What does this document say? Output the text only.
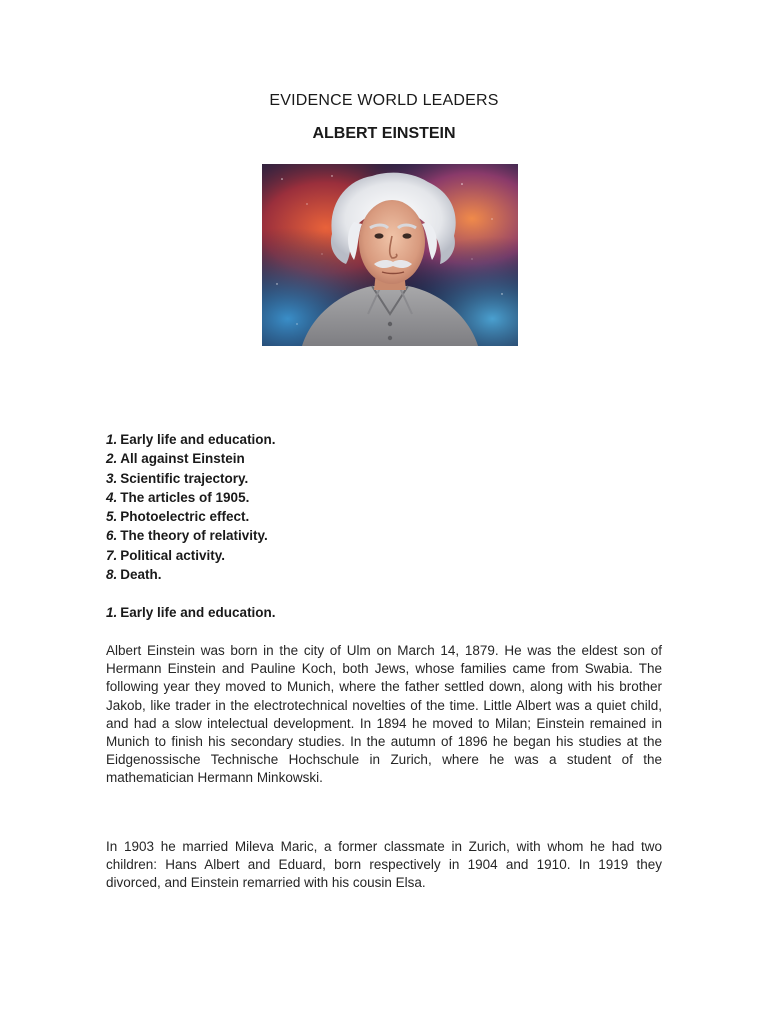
EVIDENCE WORLD LEADERS
ALBERT EINSTEIN
1. Early life and education.
2. All against Einstein
3. Scientific trajectory.
4. The articles of 1905.
5. Photoelectric effect.
6. The theory of relativity.
7. Political activity.
8. Death.
1. Early life and education.

Albert Einstein was born in the city of Ulm on March 14, 1879. He was the eldest son of Hermann Einstein and Pauline Koch, both Jews, whose families came from Swabia. The following year they moved to Munich, where the father settled down, along with his brother Jakob, like trader in the electrotechnical novelties of the time. Little Albert was a quiet child, and had a slow intelectual development. In 1894 he moved to Milan; Einstein remained in Munich to finish his secondary studies. In the autumn of 1896 he began his studies at the Eidgenossische Technische Hochschule in Zurich, where he was a student of the mathematician Hermann Minkowski.

In 1903 he married Mileva Maric, a former classmate in Zurich, with whom he had two children: Hans Albert and Eduard, born respectively in 1904 and 1910. In 1919 they divorced, and Einstein remarried with his cousin Elsa.
